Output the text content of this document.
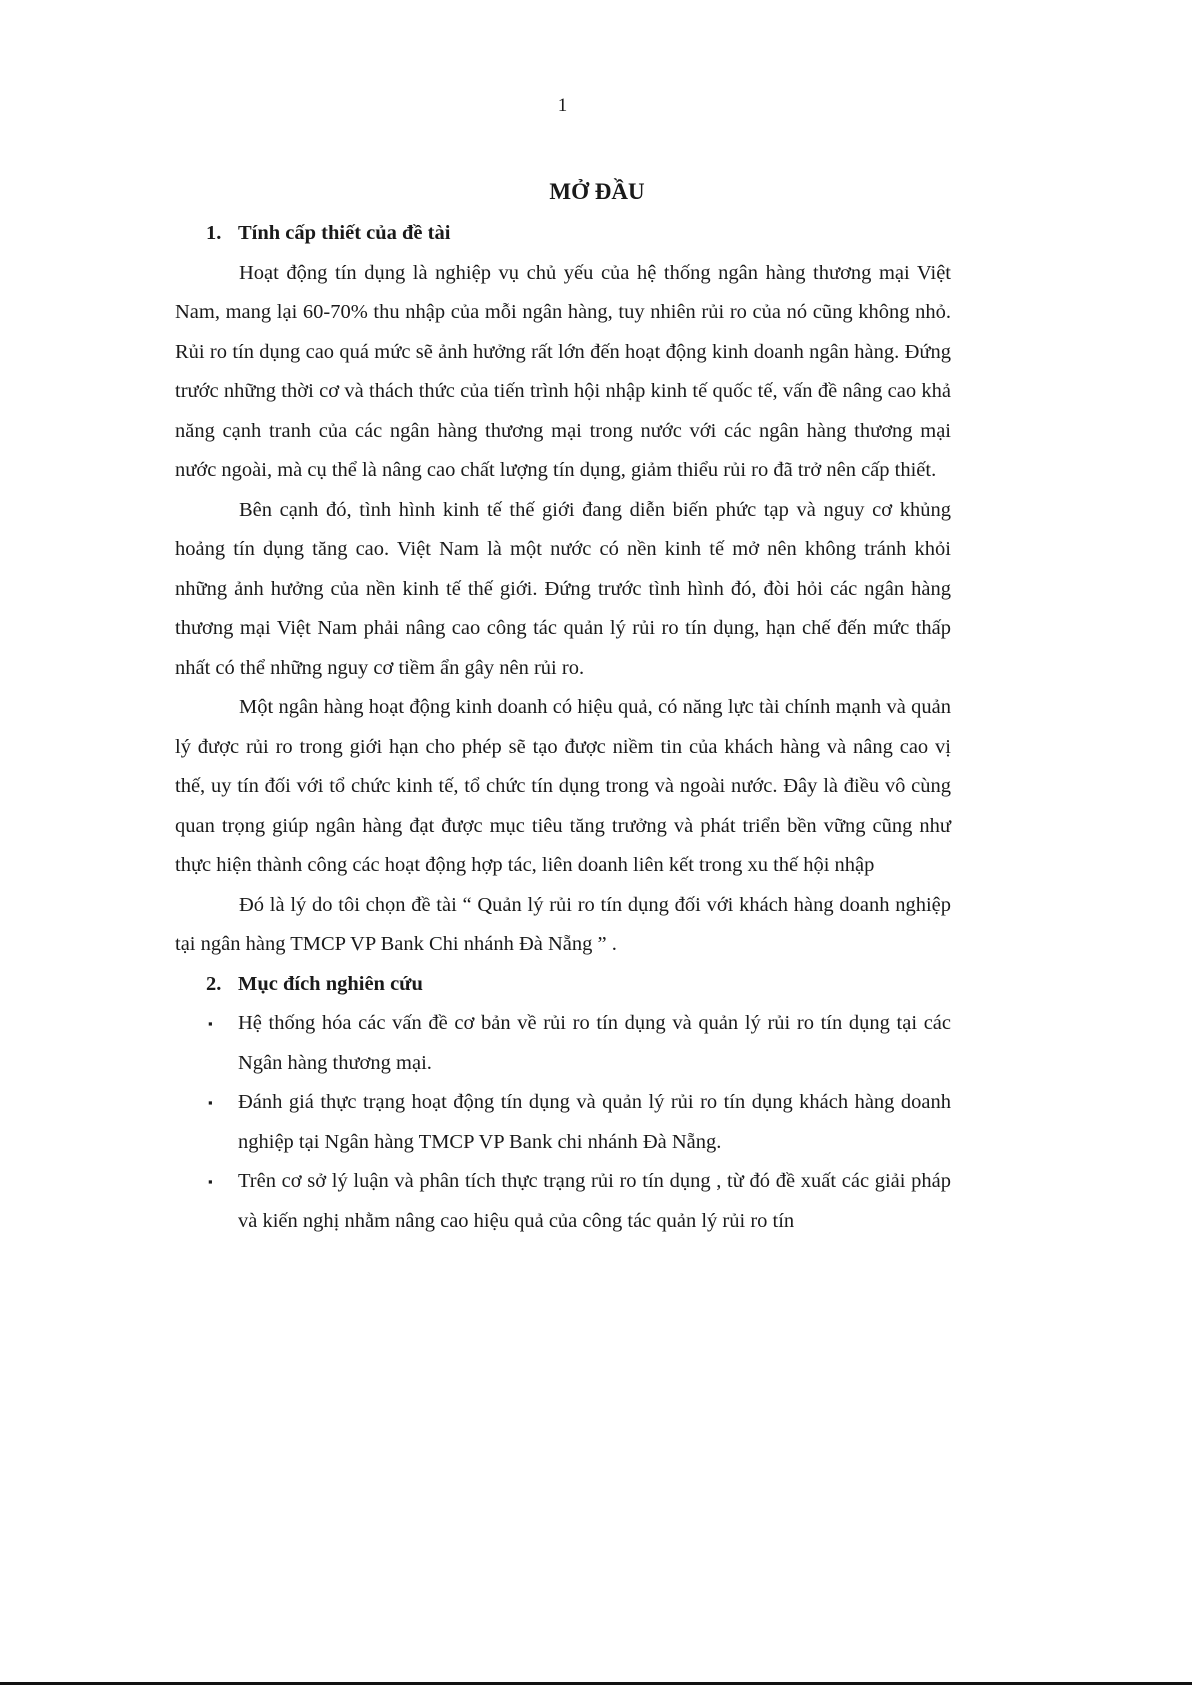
1
MỞ ĐẦU
1. Tính cấp thiết của đề tài

Hoạt động tín dụng là nghiệp vụ chủ yếu của hệ thống ngân hàng thương mại Việt Nam, mang lại 60-70% thu nhập của mỗi ngân hàng, tuy nhiên rủi ro của nó cũng không nhỏ. Rủi ro tín dụng cao quá mức sẽ ảnh hưởng rất lớn đến hoạt động kinh doanh ngân hàng. Đứng trước những thời cơ và thách thức của tiến trình hội nhập kinh tế quốc tế, vấn đề nâng cao khả năng cạnh tranh của các ngân hàng thương mại trong nước với các ngân hàng thương mại nước ngoài, mà cụ thể là nâng cao chất lượng tín dụng, giảm thiểu rủi ro đã trở nên cấp thiết.

Bên cạnh đó, tình hình kinh tế thế giới đang diễn biến phức tạp và nguy cơ khủng hoảng tín dụng tăng cao. Việt Nam là một nước có nền kinh tế mở nên không tránh khỏi những ảnh hưởng của nền kinh tế thế giới. Đứng trước tình hình đó, đòi hỏi các ngân hàng thương mại Việt Nam phải nâng cao công tác quản lý rủi ro tín dụng, hạn chế đến mức thấp nhất có thể những nguy cơ tiềm ẩn gây nên rủi ro.

Một ngân hàng hoạt động kinh doanh có hiệu quả, có năng lực tài chính mạnh và quản lý được rủi ro trong giới hạn cho phép sẽ tạo được niềm tin của khách hàng và nâng cao vị thế, uy tín đối với tổ chức kinh tế, tổ chức tín dụng trong và ngoài nước. Đây là điều vô cùng quan trọng giúp ngân hàng đạt được mục tiêu tăng trưởng và phát triển bền vững cũng như thực hiện thành công các hoạt động hợp tác, liên doanh liên kết trong xu thế hội nhập

Đó là lý do tôi chọn đề tài “ Quản lý rủi ro tín dụng đối với khách hàng doanh nghiệp tại ngân hàng TMCP VP Bank Chi nhánh Đà Nẵng ” .

2. Mục đích nghiên cứu
▪ Hệ thống hóa các vấn đề cơ bản về rủi ro tín dụng và quản lý rủi ro tín dụng tại các Ngân hàng thương mại.
▪ Đánh giá thực trạng hoạt động tín dụng và quản lý rủi ro tín dụng khách hàng doanh nghiệp tại Ngân hàng TMCP VP Bank chi nhánh Đà Nẵng.
▪ Trên cơ sở lý luận và phân tích thực trạng rủi ro tín dụng , từ đó đề xuất các giải pháp và kiến nghị nhằm nâng cao hiệu quả của công tác quản lý rủi ro tín
